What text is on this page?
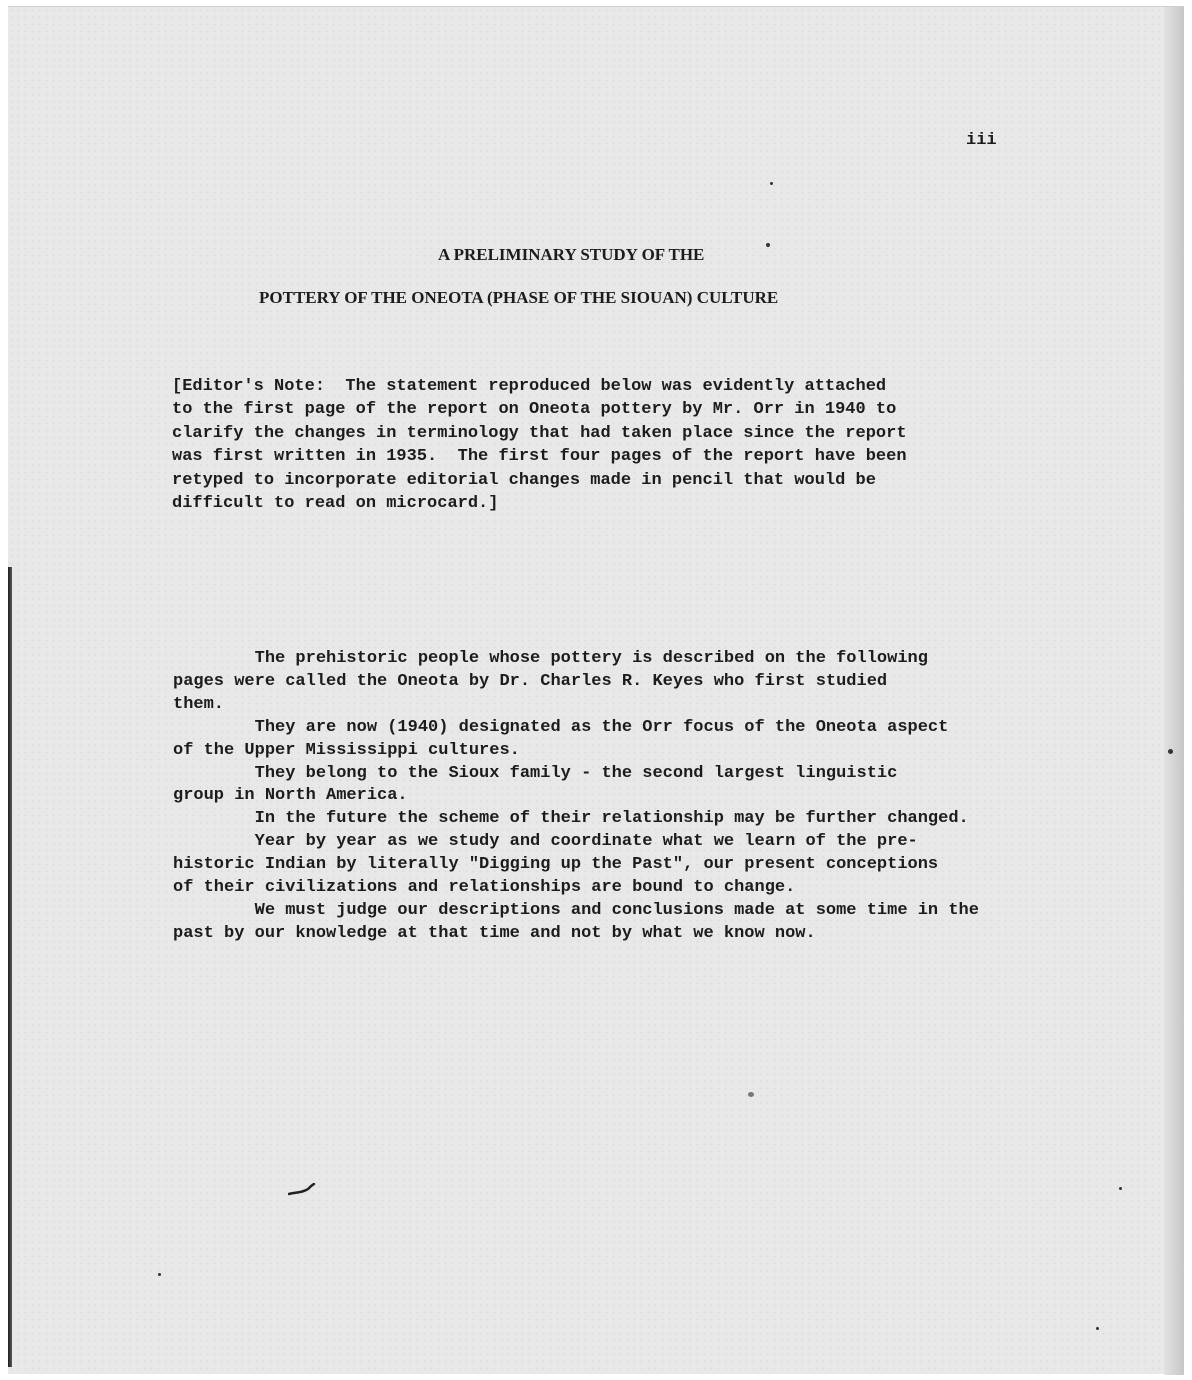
iii

A PRELIMINARY STUDY OF THE

POTTERY OF THE ONEOTA (PHASE OF THE SIOUAN) CULTURE

[Editor's Note:  The statement reproduced below was evidently attached
to the first page of the report on Oneota pottery by Mr. Orr in 1940 to
clarify the changes in terminology that had taken place since the report
was first written in 1935.  The first four pages of the report have been
retyped to incorporate editorial changes made in pencil that would be
difficult to read on microcard.]

The prehistoric people whose pottery is described on the following
pages were called the Oneota by Dr. Charles R. Keyes who first studied
them.
They are now (1940) designated as the Orr focus of the Oneota aspect
of the Upper Mississippi cultures.
They belong to the Sioux family - the second largest linguistic
group in North America.
In the future the scheme of their relationship may be further changed.
Year by year as we study and coordinate what we learn of the pre-
historic Indian by literally "Digging up the Past", our present conceptions
of their civilizations and relationships are bound to change.
We must judge our descriptions and conclusions made at some time in the
past by our knowledge at that time and not by what we know now.
